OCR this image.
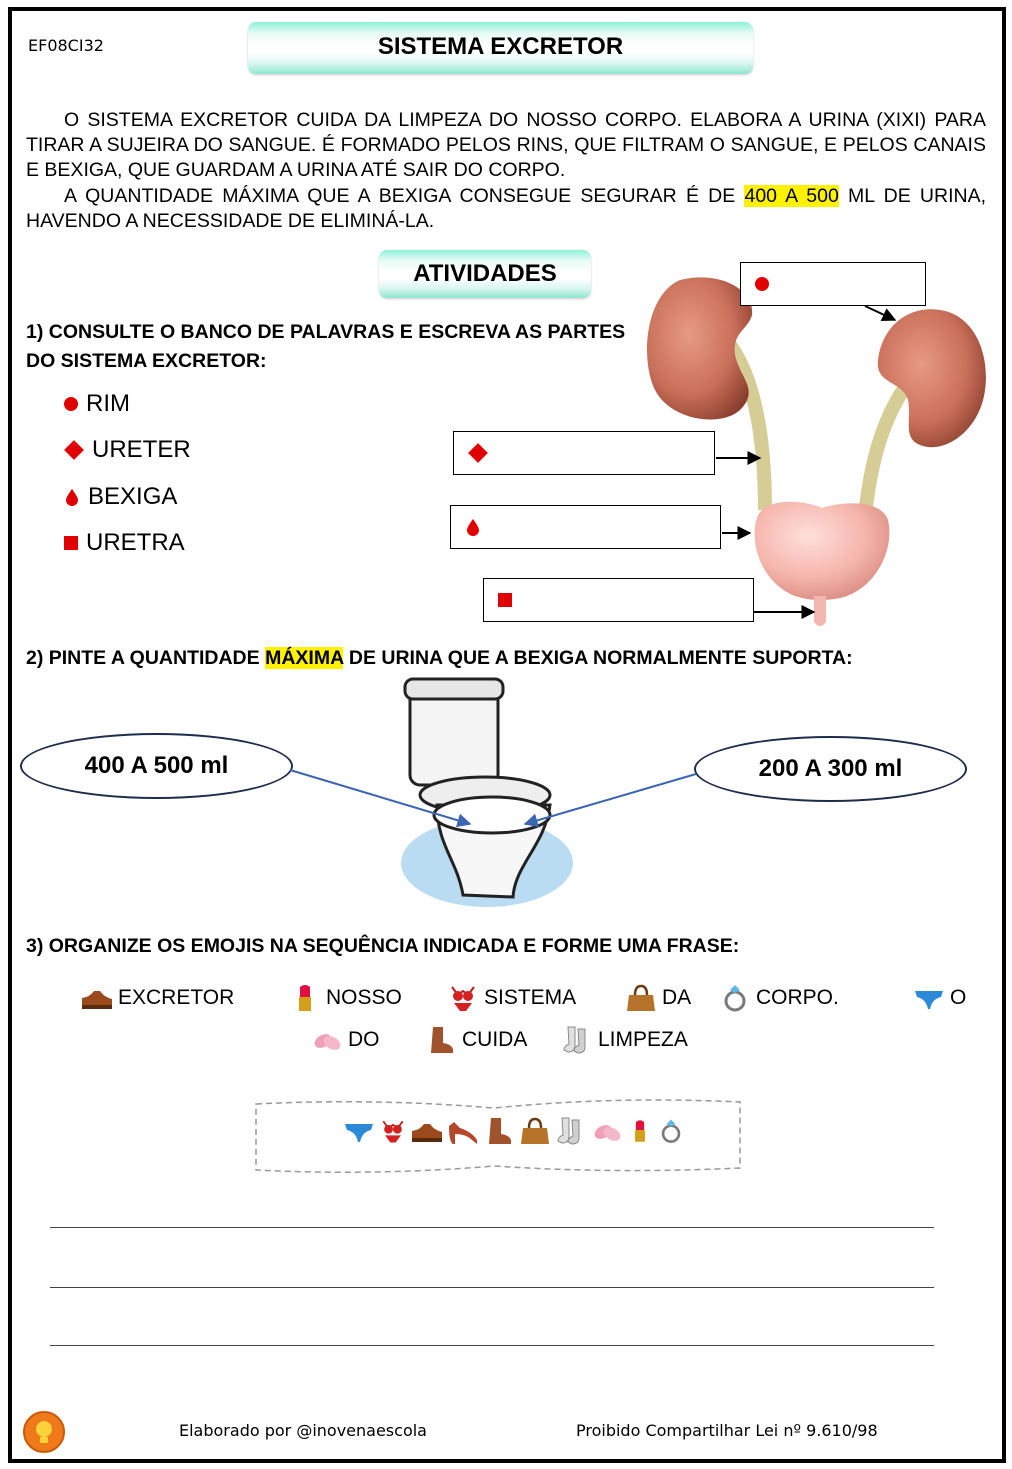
EF08CI32	SISTEMA EXCRETOR
O SISTEMA EXCRETOR CUIDA DA LIMPEZA DO NOSSO CORPO. ELABORA A URINA (XIXI) PARA TIRAR A SUJEIRA DO SANGUE. É FORMADO PELOS RINS, QUE FILTRAM O SANGUE, E PELOS CANAIS E BEXIGA, QUE GUARDAM A URINA ATÉ SAIR DO CORPO.
A QUANTIDADE MÁXIMA QUE A BEXIGA CONSEGUE SEGURAR É DE 400 A 500 ML DE URINA, HAVENDO A NECESSIDADE DE ELIMINÁ-LA.
ATIVIDADES
1) CONSULTE O BANCO DE PALAVRAS E ESCREVA AS PARTES DO SISTEMA EXCRETOR:
RIM
URETER
BEXIGA
URETRA
2) PINTE A QUANTIDADE MÁXIMA DE URINA QUE A BEXIGA NORMALMENTE SUPORTA:
400 A 500 ml	200 A 300 ml
3) ORGANIZE OS EMOJIS NA SEQUÊNCIA INDICADA E FORME UMA FRASE:
EXCRETOR	NOSSO	SISTEMA	DA	CORPO.	O
DO	CUIDA	LIMPEZA
Elaborado por @inovenaescola	Proibido Compartilhar Lei nº 9.610/98
